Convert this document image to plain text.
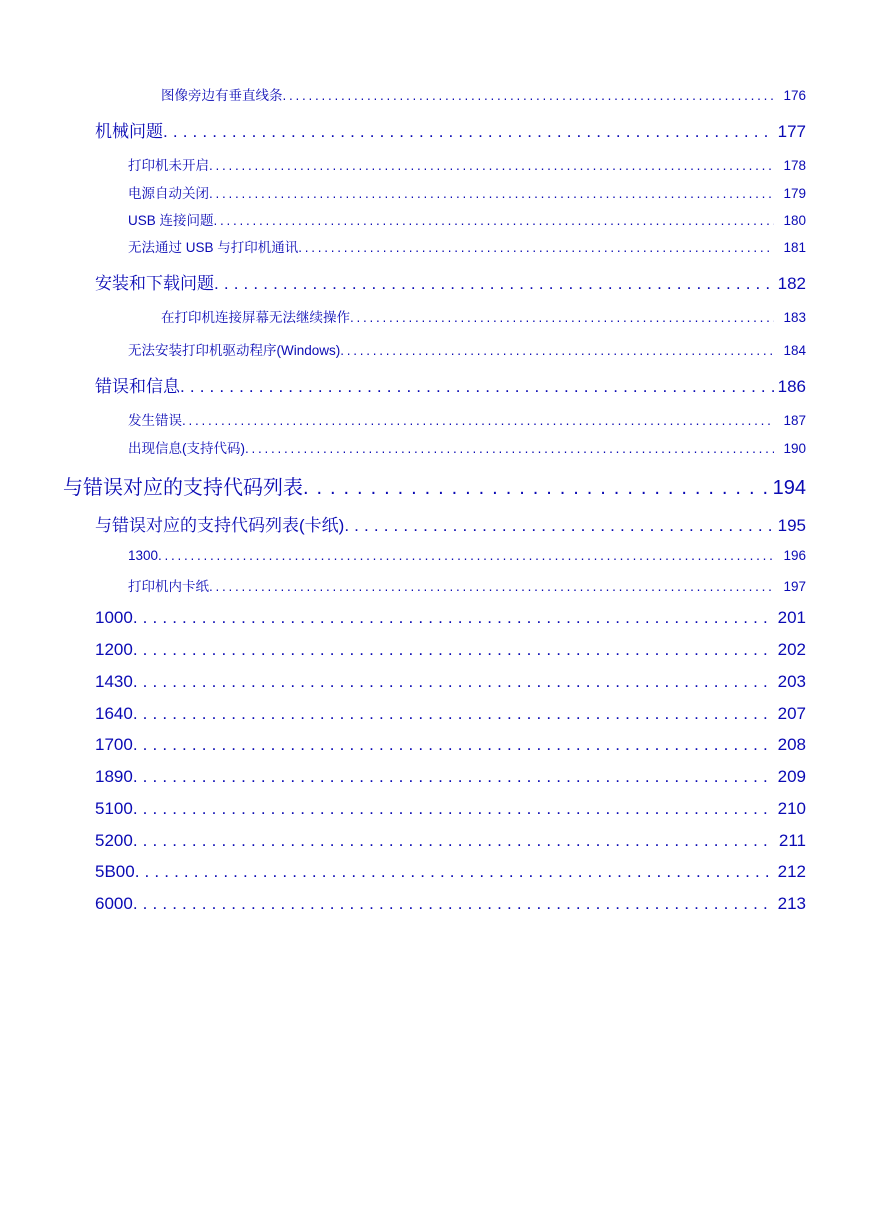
图像旁边有垂直线条 . . .	176
机械问题 . . .	177
打印机未开启 . . .	178
电源自动关闭 . . .	179
USB 连接问题 . . .	180
无法通过 USB 与打印机通讯 . . .	181
安装和下载问题 . . .	182
在打印机连接屏幕无法继续操作 . . .	183
无法安装打印机驱动程序(Windows) . . .	184
错误和信息 . . .	186
发生错误 . . .	187
出现信息(支持代码) . . .	190
与错误对应的支持代码列表 . . .	194
与错误对应的支持代码列表(卡纸) . . .	195
1300 . . .	196
打印机内卡纸 . . .	197
1000 . . .	201
1200 . . .	202
1430 . . .	203
1640 . . .	207
1700 . . .	208
1890 . . .	209
5100 . . .	210
5200 . . .	211
5B00 . . .	212
6000 . . .	213
